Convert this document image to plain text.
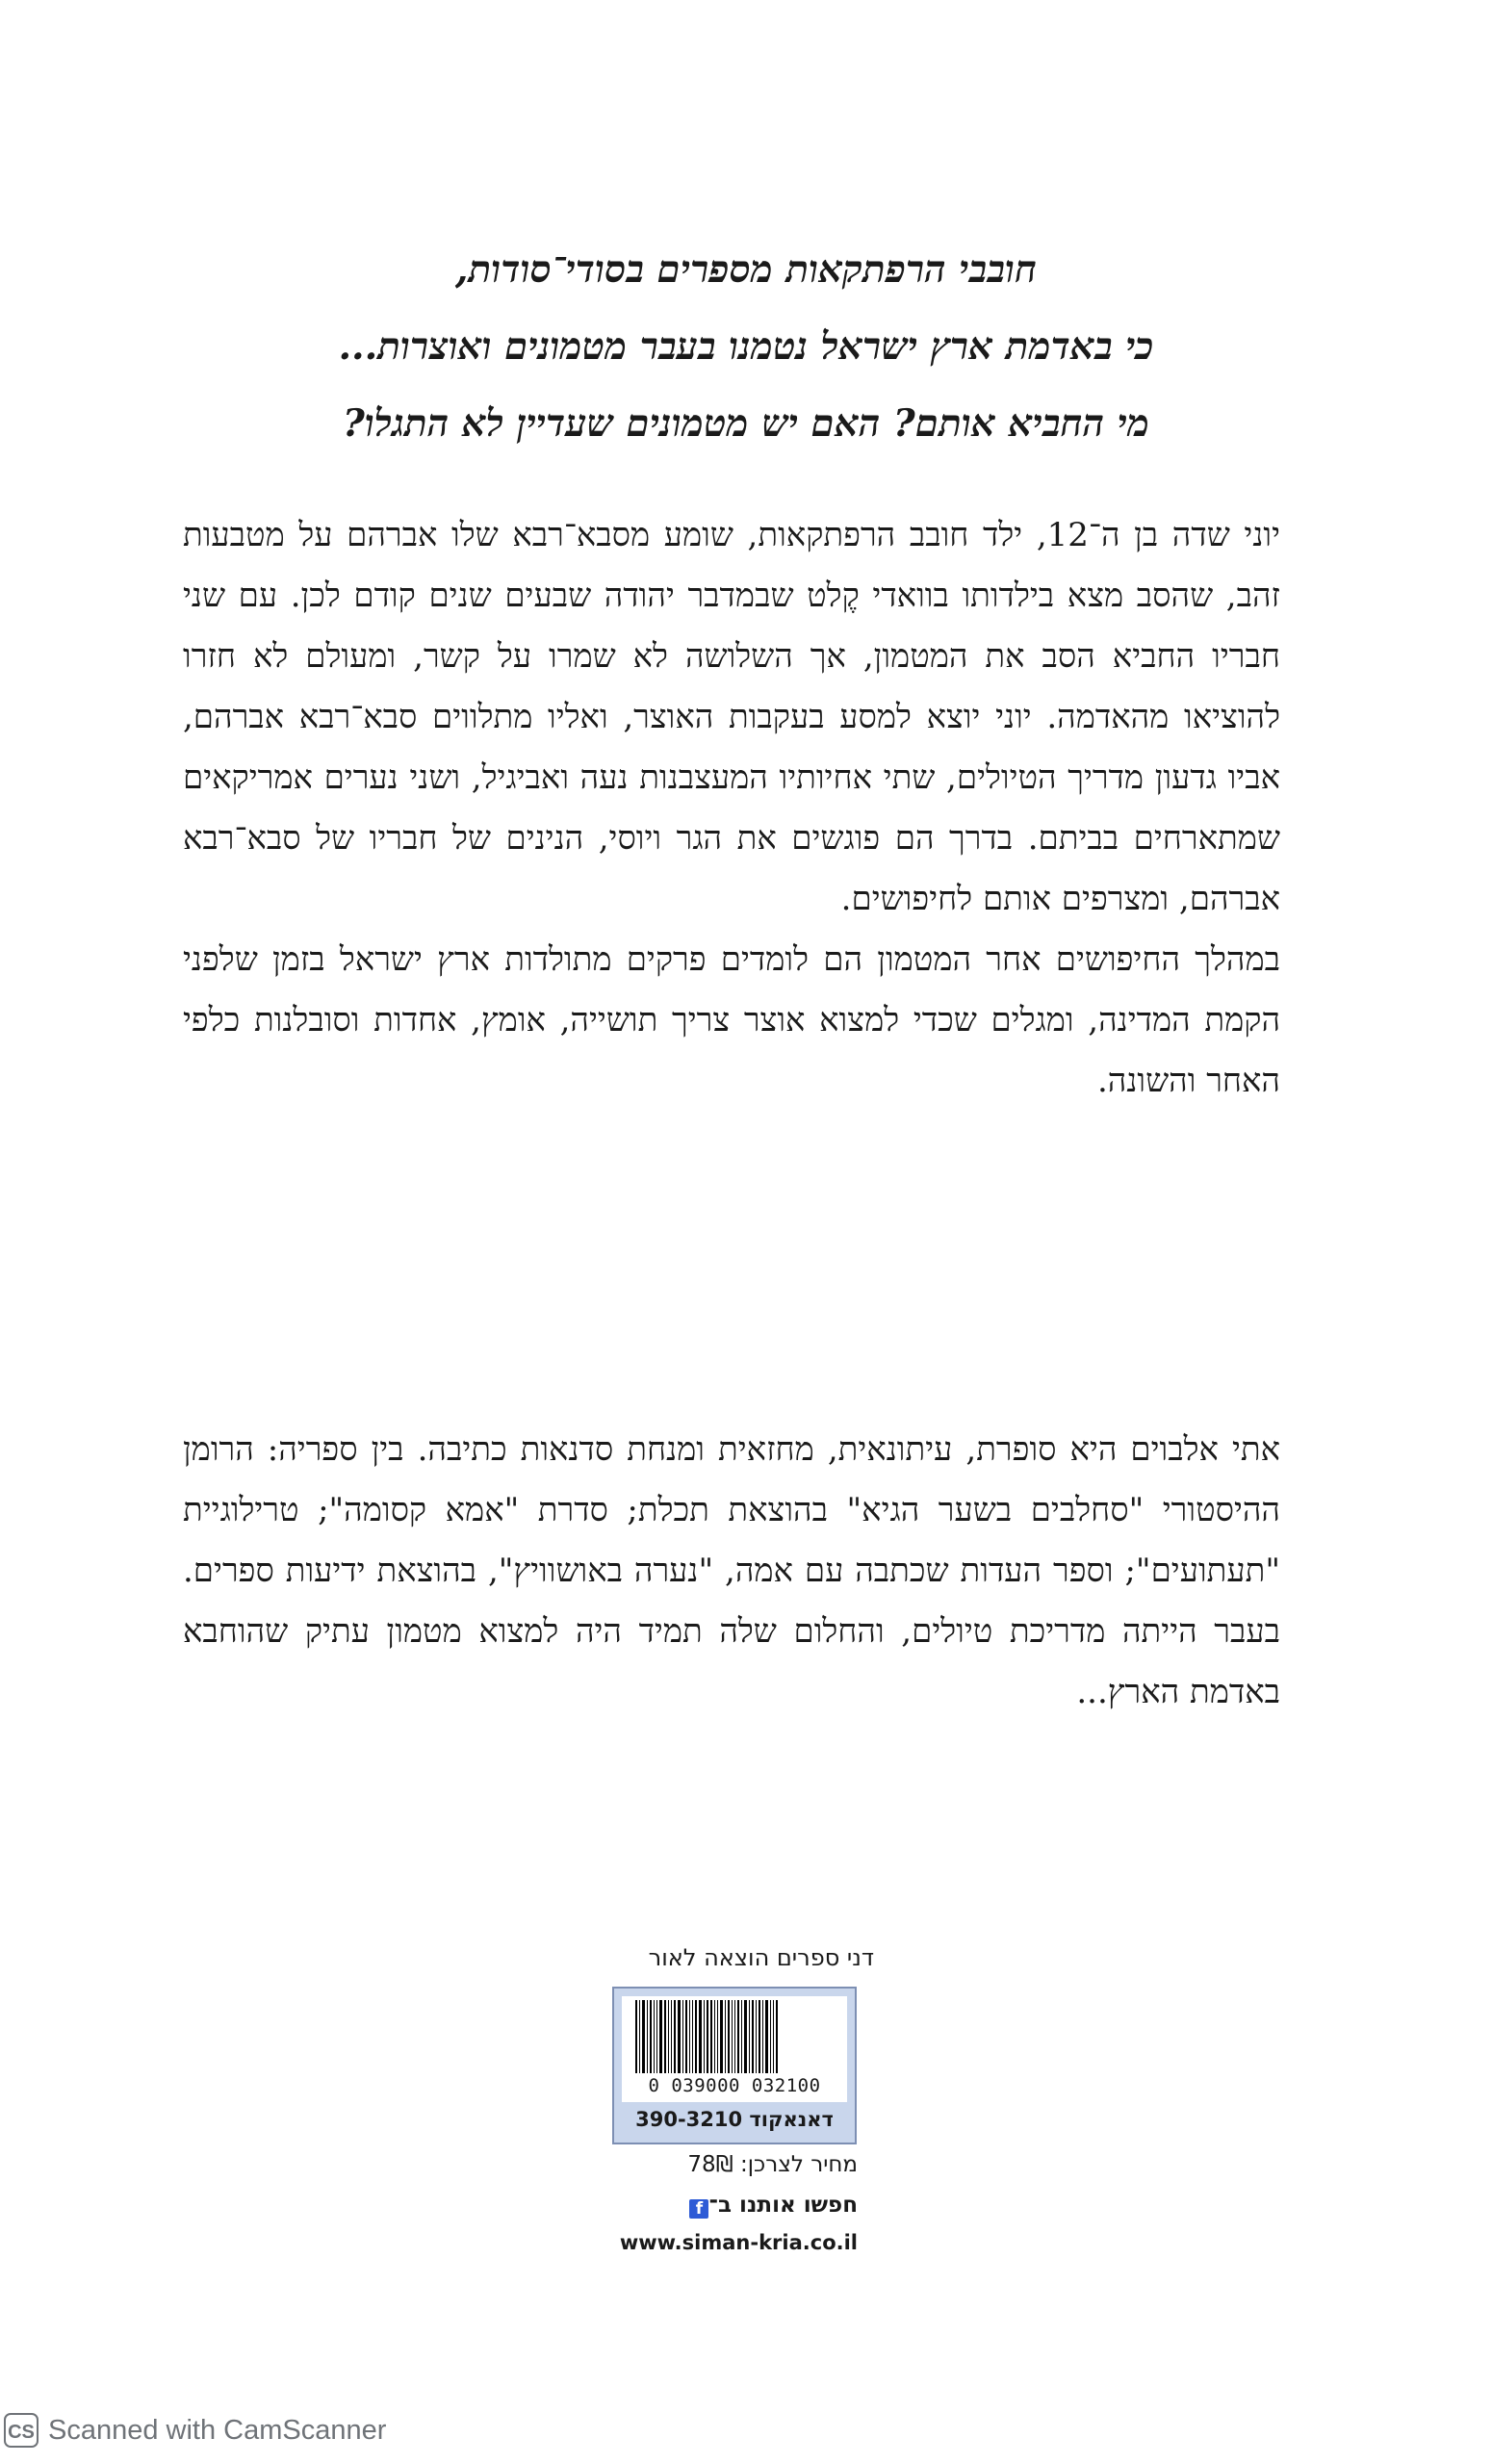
חובבי הרפתקאות מספרים בסודי־סודות,
כי באדמת ארץ ישראל נטמנו בעבר מטמונים ואוצרות...
מי החביא אותם? האם יש מטמונים שעדיין לא התגלו?

יוני שדה בן ה־12, ילד חובב הרפתקאות, שומע מסבא־רבא שלו אברהם על מטבעות זהב, שהסב מצא בילדותו בוואדי קֶלט שבמדבר יהודה שבעים שנים קודם לכן. עם שני חבריו החביא הסב את המטמון, אך השלושה לא שמרו על קשר, ומעולם לא חזרו להוציאו מהאדמה. יוני יוצא למסע בעקבות האוצר, ואליו מתלווים סבא־רבא אברהם, אביו גדעון מדריך הטיולים, שתי אחיותיו המעצבנות נעה ואביגיל, ושני נערים אמריקאים שמתארחים בביתם. בדרך הם פוגשים את הגר ויוסי, הנינים של חבריו של סבא־רבא אברהם, ומצרפים אותם לחיפושים.

במהלך החיפושים אחר המטמון הם לומדים פרקים מתולדות ארץ ישראל בזמן שלפני הקמת המדינה, ומגלים שכדי למצוא אוצר צריך תושייה, אומץ, אחדות וסובלנות כלפי האחר והשונה.

אתי אלבוים היא סופרת, עיתונאית, מחזאית ומנחת סדנאות כתיבה. בין ספריה: הרומן ההיסטורי "סחלבים בשער הגיא" בהוצאת תכלת; סדרת "אמא קסומה"; טרילוגיית "תעתועים"; וספר העדות שכתבה עם אמה, "נערה באושוויץ", בהוצאת ידיעות ספרים. בעבר הייתה מדריכת טיולים, והחלום שלה תמיד היה למצוא מטמון עתיק שהוחבא באדמת הארץ...
דני ספרים הוצאה לאור
0 039000 032100
דאנאקוד 390-3210
מחיר לצרכן: 78₪
חפשו אותנו ב־f
www.siman-kria.co.il
CS Scanned with CamScanner
